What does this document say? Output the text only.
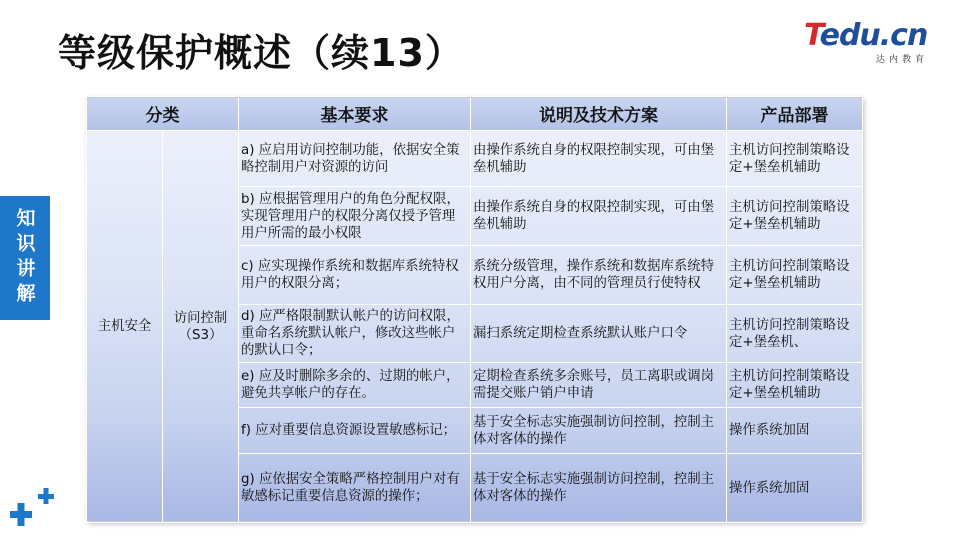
等级保护概述（续13）	Tedu.cn
达内教育
知识讲解
分类		基本要求	说明及技术方案	产品部署
主机安全	访问控制（S3）	a) 应启用访问控制功能，依据安全策略控制用户对资源的访问	由操作系统自身的权限控制实现，可由堡垒机辅助	主机访问控制策略设定+堡垒机辅助
		b) 应根据管理用户的角色分配权限，实现管理用户的权限分离仅授予管理用户所需的最小权限	由操作系统自身的权限控制实现，可由堡垒机辅助	主机访问控制策略设定+堡垒机辅助
		c) 应实现操作系统和数据库系统特权用户的权限分离；	系统分级管理，操作系统和数据库系统特权用户分离，由不同的管理员行使特权	主机访问控制策略设定+堡垒机辅助
		d) 应严格限制默认帐户的访问权限，重命名系统默认帐户，修改这些帐户的默认口令；	漏扫系统定期检查系统默认账户口令	主机访问控制策略设定+堡垒机、
		e) 应及时删除多余的、过期的帐户，避免共享帐户的存在。	定期检查系统多余账号，员工离职或调岗需提交账户销户申请	主机访问控制策略设定+堡垒机辅助
		f) 应对重要信息资源设置敏感标记；	基于安全标志实施强制访问控制，控制主体对客体的操作	操作系统加固
		g) 应依据安全策略严格控制用户对有敏感标记重要信息资源的操作；	基于安全标志实施强制访问控制，控制主体对客体的操作	操作系统加固
